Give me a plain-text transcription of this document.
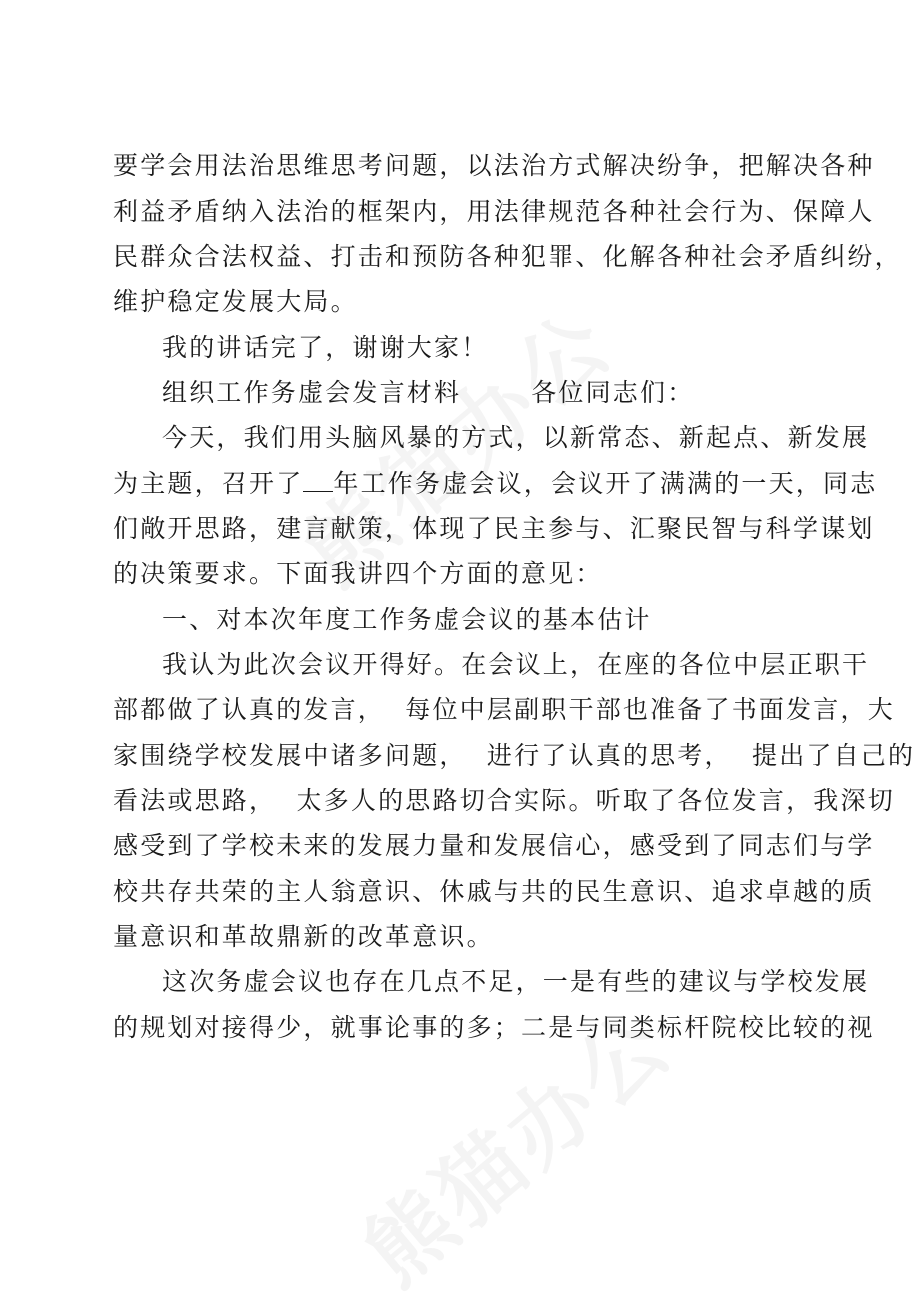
要学会用法治思维思考问题，以法治方式解决纷争，把解决各种
利益矛盾纳入法治的框架内，用法律规范各种社会行为、保障人
民群众合法权益、打击和预防各种犯罪、化解各种社会矛盾纠纷，
维护稳定发展大局。
我的讲话完了，谢谢大家！
组织工作务虚会发言材料	各位同志们：
今天，我们用头脑风暴的方式，以新常态、新起点、新发展
为主题，召开了 年工作务虚会议，会议开了满满的一天，同志
们敞开思路，建言献策，体现了民主参与、汇聚民智与科学谋划
的决策要求。下面我讲四个方面的意见：
一、对本次年度工作务虚会议的基本估计
我认为此次会议开得好。在会议上，在座的各位中层正职干
部都做了认真的发言，  每位中层副职干部也准备了书面发言，大
家围绕学校发展中诸多问题，  进行了认真的思考，  提出了自己的
看法或思路，  太多人的思路切合实际。听取了各位发言，我深切
感受到了学校未来的发展力量和发展信心，感受到了同志们与学
校共存共荣的主人翁意识、休戚与共的民生意识、追求卓越的质
量意识和革故鼎新的改革意识。
这次务虚会议也存在几点不足，一是有些的建议与学校发展
的规划对接得少，就事论事的多；二是与同类标杆院校比较的视
